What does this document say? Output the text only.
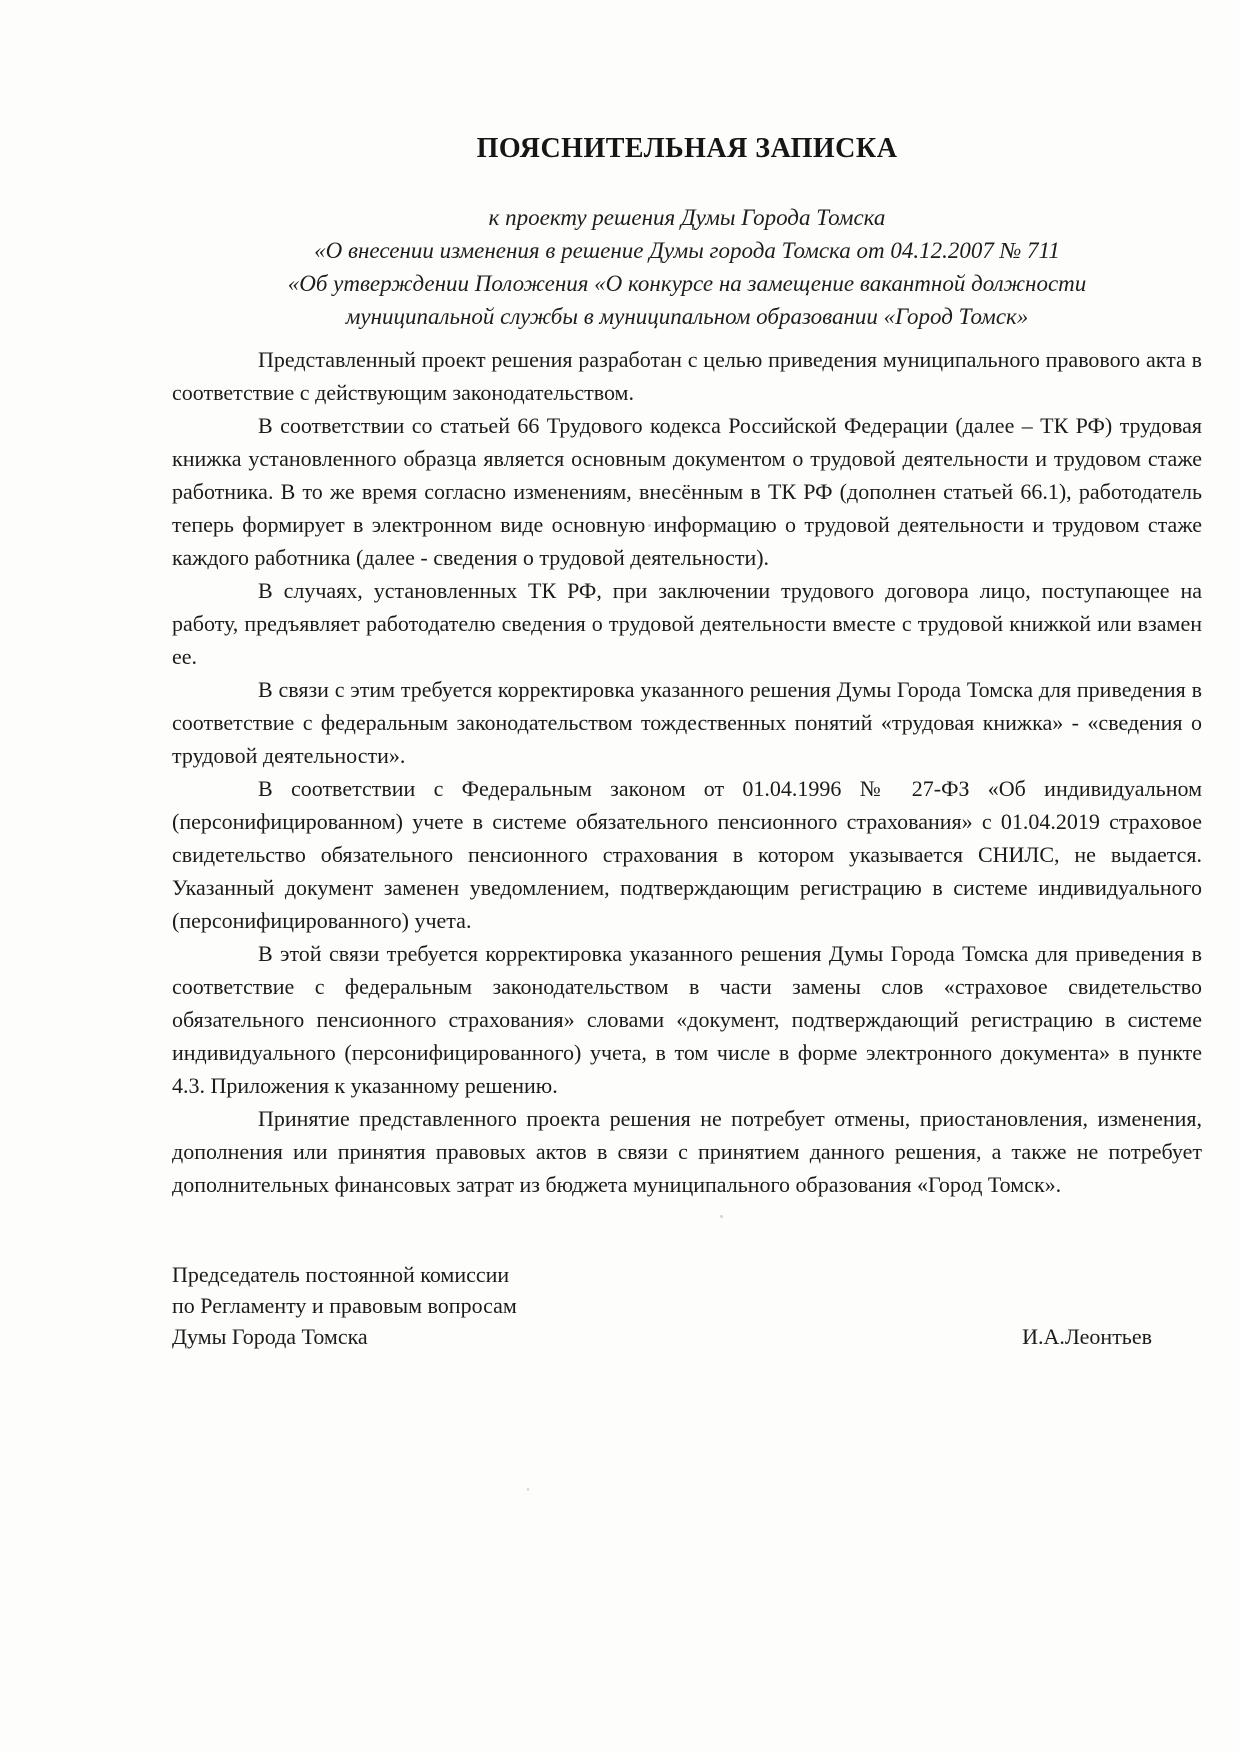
ПОЯСНИТЕЛЬНАЯ ЗАПИСКА
к проекту решения Думы Города Томска
«О внесении изменения в решение Думы города Томска от 04.12.2007 № 711
«Об утверждении Положения «О конкурсе на замещение вакантной должности
муниципальной службы в муниципальном образовании «Город Томск»

Представленный проект решения разработан с целью приведения муниципального правового акта в соответствие с действующим законодательством.

В соответствии со статьей 66 Трудового кодекса Российской Федерации (далее – ТК РФ) трудовая книжка установленного образца является основным документом о трудовой деятельности и трудовом стаже работника. В то же время согласно изменениям, внесённым в ТК РФ (дополнен статьей 66.1), работодатель теперь формирует в электронном виде основную информацию о трудовой деятельности и трудовом стаже каждого работника (далее - сведения о трудовой деятельности).

В случаях, установленных ТК РФ, при заключении трудового договора лицо, поступающее на работу, предъявляет работодателю сведения о трудовой деятельности вместе с трудовой книжкой или взамен ее.

В связи с этим требуется корректировка указанного решения Думы Города Томска для приведения в соответствие с федеральным законодательством тождественных понятий «трудовая книжка» - «сведения о трудовой деятельности».

В соответствии с Федеральным законом от 01.04.1996 № 27-ФЗ «Об индивидуальном (персонифицированном) учете в системе обязательного пенсионного страхования» с 01.04.2019 страховое свидетельство обязательного пенсионного страхования в котором указывается СНИЛС, не выдается. Указанный документ заменен уведомлением, подтверждающим регистрацию в системе индивидуального (персонифицированного) учета.

В этой связи требуется корректировка указанного решения Думы Города Томска для приведения в соответствие с федеральным законодательством в части замены слов «страховое свидетельство обязательного пенсионного страхования» словами «документ, подтверждающий регистрацию в системе индивидуального (персонифицированного) учета, в том числе в форме электронного документа» в пункте 4.3. Приложения к указанному решению.

Принятие представленного проекта решения не потребует отмены, приостановления, изменения, дополнения или принятия правовых актов в связи с принятием данного решения, а также не потребует дополнительных финансовых затрат из бюджета муниципального образования «Город Томск».

Председатель постоянной комиссии
по Регламенту и правовым вопросам
Думы Города Томска	И.А.Леонтьев
